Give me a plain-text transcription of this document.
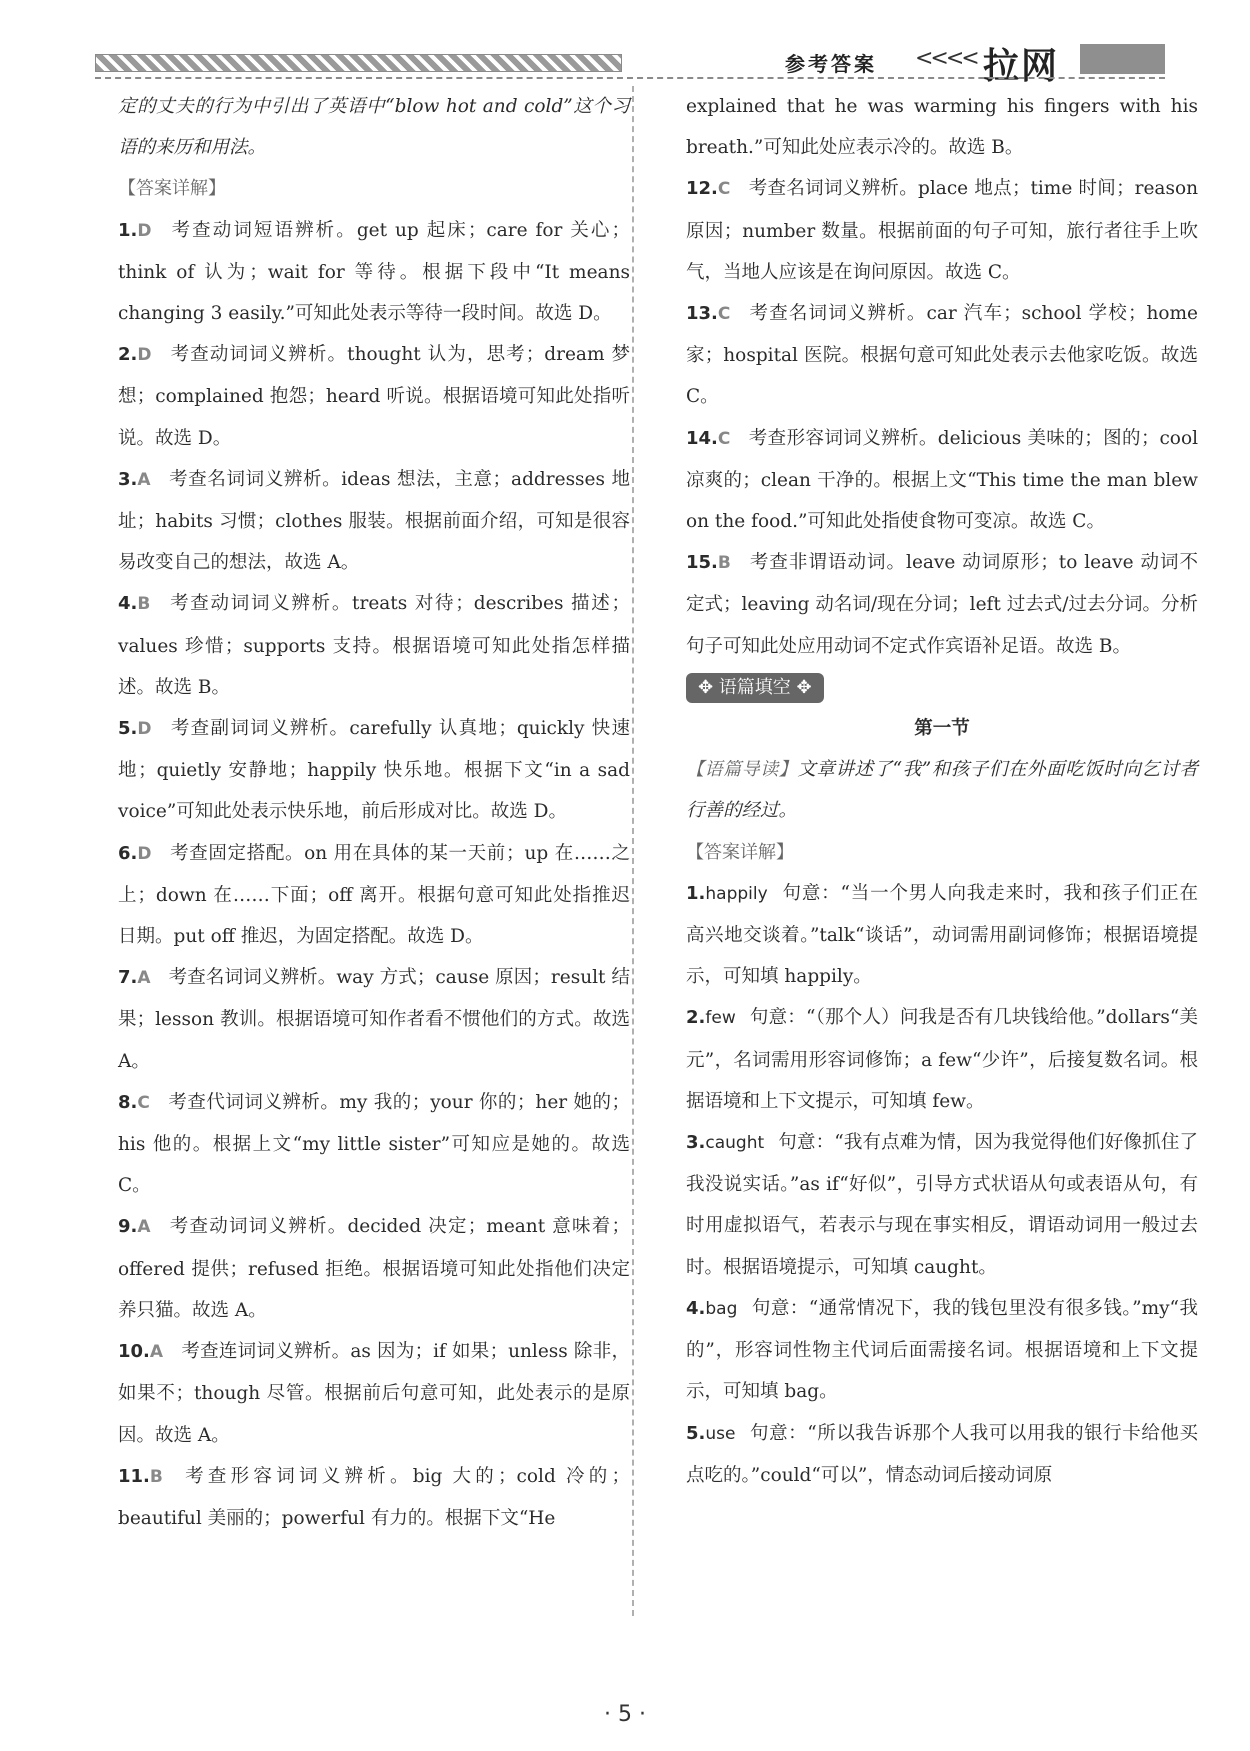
参考答案 <<<< 拉网

定的丈夫的行为中引出了英语中“blow hot and cold”这个习语的来历和用法。

【答案详解】

1.D 考查动词短语辨析。get up 起床；care for 关心；think of 认为；wait for 等待。根据下段中“It means changing 3 easily.”可知此处表示等待一段时间。故选 D。

2.D 考查动词词义辨析。thought 认为，思考；dream 梦想；complained 抱怨；heard 听说。根据语境可知此处指听说。故选 D。

3.A 考查名词词义辨析。ideas 想法，主意；addresses 地址；habits 习惯；clothes 服装。根据前面介绍，可知是很容易改变自己的想法，故选 A。

4.B 考查动词词义辨析。treats 对待；describes 描述；values 珍惜；supports 支持。根据语境可知此处指怎样描述。故选 B。

5.D 考查副词词义辨析。carefully 认真地；quickly 快速地；quietly 安静地；happily 快乐地。根据下文“in a sad voice”可知此处表示快乐地，前后形成对比。故选 D。

6.D 考查固定搭配。on 用在具体的某一天前；up 在……之上；down 在……下面；off 离开。根据句意可知此处指推迟日期。put off 推迟，为固定搭配。故选 D。

7.A 考查名词词义辨析。way 方式；cause 原因；result 结果；lesson 教训。根据语境可知作者看不惯他们的方式。故选 A。

8.C 考查代词词义辨析。my 我的；your 你的；her 她的；his 他的。根据上文“my little sister”可知应是她的。故选 C。

9.A 考查动词词义辨析。decided 决定；meant 意味着；offered 提供；refused 拒绝。根据语境可知此处指他们决定养只猫。故选 A。

10.A 考查连词词义辨析。as 因为；if 如果；unless 除非，如果不；though 尽管。根据前后句意可知，此处表示的是原因。故选 A。

11.B 考查形容词词义辨析。big 大的；cold 冷的；beautiful 美丽的；powerful 有力的。根据下文“He

explained that he was warming his fingers with his breath.”可知此处应表示冷的。故选 B。

12.C 考查名词词义辨析。place 地点；time 时间；reason 原因；number 数量。根据前面的句子可知，旅行者往手上吹气，当地人应该是在询问原因。故选 C。

13.C 考查名词词义辨析。car 汽车；school 学校；home 家；hospital 医院。根据句意可知此处表示去他家吃饭。故选 C。

14.C 考查形容词词义辨析。delicious 美味的；图的；cool 凉爽的；clean 干净的。根据上文“This time the man blew on the food.”可知此处指使食物可变凉。故选 C。

15.B 考查非谓语动词。leave 动词原形；to leave 动词不定式；leaving 动名词/现在分词；left 过去式/过去分词。分析句子可知此处应用动词不定式作宾语补足语。故选 B。

✥ 语篇填空 ✥

第一节

【语篇导读】文章讲述了“我”和孩子们在外面吃饭时向乞讨者行善的经过。

【答案详解】

1.happily 句意：“当一个男人向我走来时，我和孩子们正在高兴地交谈着。”talk“谈话”，动词需用副词修饰；根据语境提示，可知填 happily。

2.few 句意：“（那个人）问我是否有几块钱给他。”dollars“美元”，名词需用形容词修饰；a few“少许”，后接复数名词。根据语境和上下文提示，可知填 few。

3.caught 句意：“我有点难为情，因为我觉得他们好像抓住了我没说实话。”as if“好似”，引导方式状语从句或表语从句，有时用虚拟语气，若表示与现在事实相反，谓语动词用一般过去时。根据语境提示，可知填 caught。

4.bag 句意：“通常情况下，我的钱包里没有很多钱。”my“我的”，形容词性物主代词后面需接名词。根据语境和上下文提示，可知填 bag。

5.use 句意：“所以我告诉那个人我可以用我的银行卡给他买点吃的。”could“可以”，情态动词后接动词原

· 5 ·
